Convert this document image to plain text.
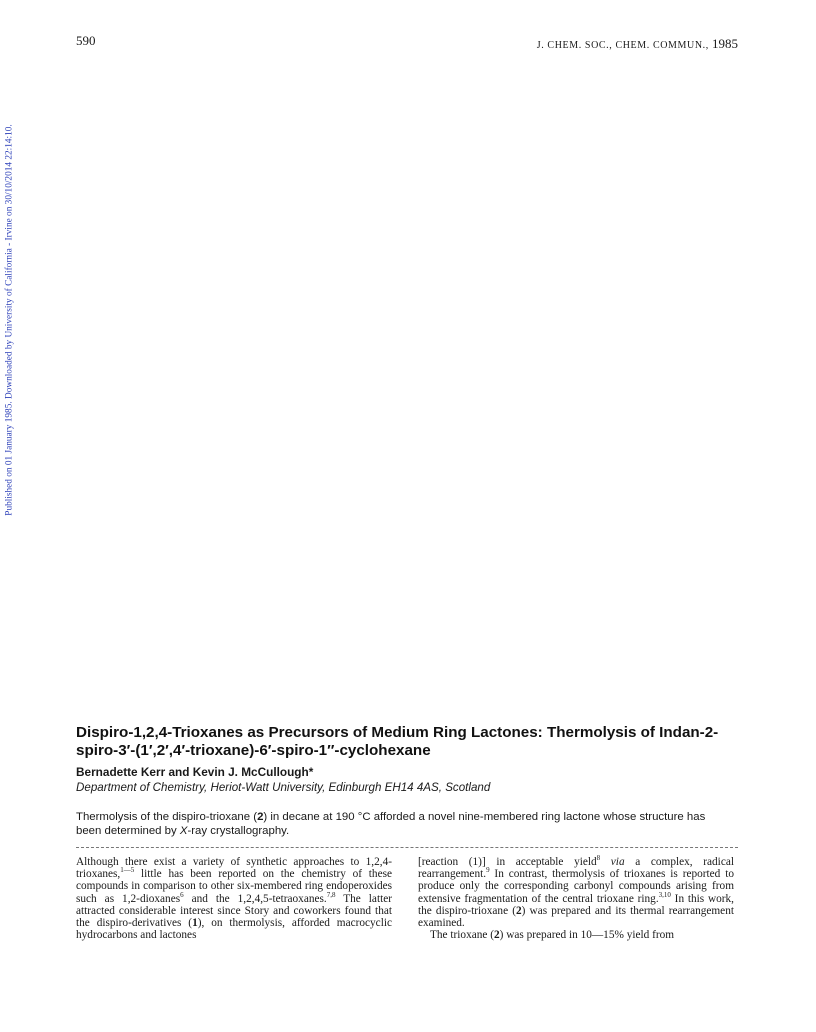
590	J. CHEM. SOC., CHEM. COMMUN., 1985
Published on 01 January 1985. Downloaded by University of California - Irvine on 30/10/2014 22:14:10.
Dispiro-1,2,4-Trioxanes as Precursors of Medium Ring Lactones: Thermolysis of Indan-2-spiro-3′-(1′,2′,4′-trioxane)-6′-spiro-1″-cyclohexane

Bernadette Kerr and Kevin J. McCullough*

Department of Chemistry, Heriot-Watt University, Edinburgh EH14 4AS, Scotland

Thermolysis of the dispiro-trioxane (2) in decane at 190 °C afforded a novel nine-membered ring lactone whose structure has been determined by X-ray crystallography.

Although there exist a variety of synthetic approaches to 1,2,4-trioxanes,$^{1—5}$ little has been reported on the chemistry of these compounds in comparison to other six-membered ring endoperoxides such as 1,2-dioxanes$^6$ and the 1,2,4,5-tetraoxanes.$^{7,8}$ The latter attracted considerable interest since Story and coworkers found that the dispiro-derivatives (1), on thermolysis, afforded macrocyclic hydrocarbons and lactones

[reaction (1)] in acceptable yield$^8$ via a complex, radical rearrangement.$^9$ In contrast, thermolysis of trioxanes is reported to produce only the corresponding carbonyl compounds arising from extensive fragmentation of the central trioxane ring.$^{3,10}$ In this work, the dispiro-trioxane (2) was prepared and its thermal rearrangement examined.

The trioxane (2) was prepared in 10—15% yield from
